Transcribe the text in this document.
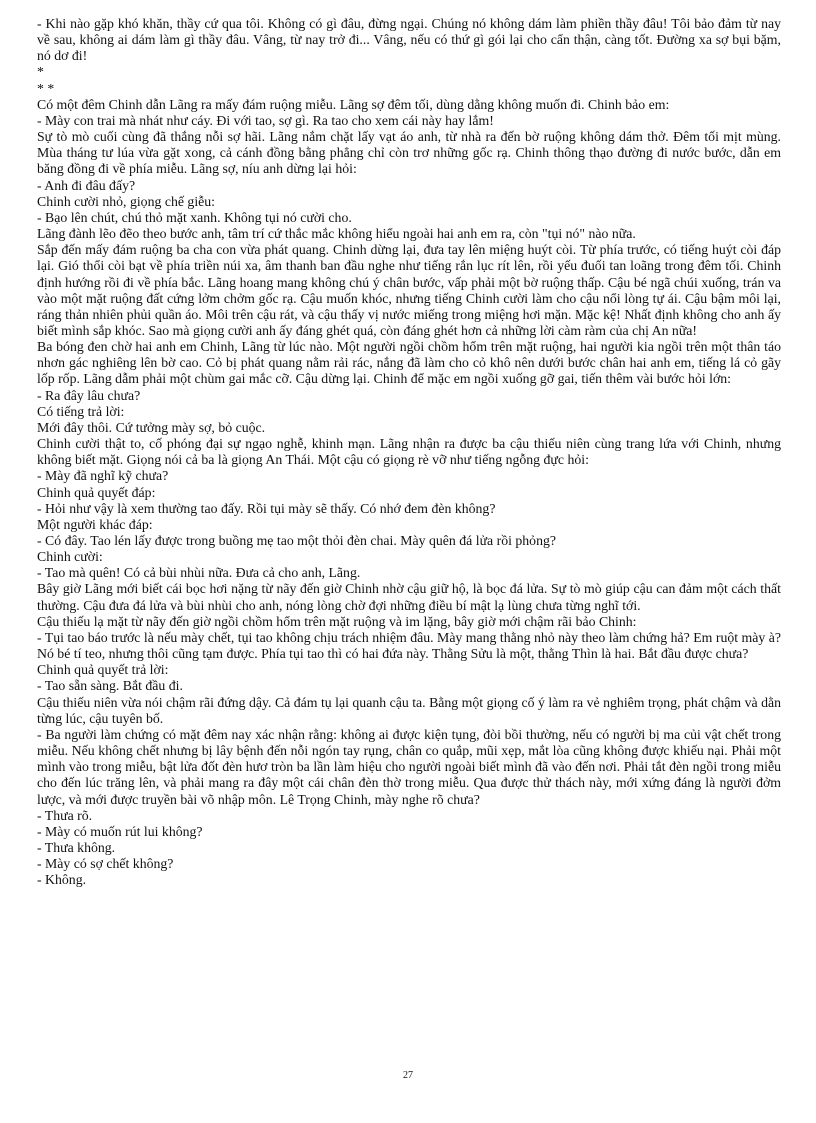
- Khi nào gặp khó khăn, thầy cứ qua tôi. Không có gì đâu, đừng ngại. Chúng nó không dám làm phiền thầy đâu! Tôi bảo đảm từ nay về sau, không ai dám làm gì thầy đâu. Vâng, từ nay trở đi... Vâng, nếu có thứ gì gói lại cho cẩn thận, càng tốt. Đường xa sợ bụi bặm, nó dơ đi!

*

* *

Có một đêm Chinh dẫn Lãng ra mấy đám ruộng miễu. Lãng sợ đêm tối, dùng dằng không muốn đi. Chinh bảo em:

- Mày con trai mà nhát như cáy. Đi với tao, sợ gì. Ra tao cho xem cái này hay lắm!

Sự tò mò cuối cùng đã thắng nỗi sợ hãi. Lãng nắm chặt lấy vạt áo anh, từ nhà ra đến bờ ruộng không dám thở. Đêm tối mịt mùng. Mùa tháng tư lúa vừa gặt xong, cả cánh đồng bằng phẳng chỉ còn trơ những gốc rạ. Chinh thông thạo đường đi nước bước, dẫn em băng đồng đi về phía miễu. Lãng sợ, níu anh dừng lại hỏi:

- Anh đi đâu đấy?

Chinh cười nhỏ, giọng chế giễu:

- Bạo lên chút, chú thỏ mặt xanh. Không tụi nó cười cho.

Lãng đành lẽo đẽo theo bước anh, tâm trí cứ thắc mắc không hiểu ngoài hai anh em ra, còn "tụi nó" nào nữa.

Sắp đến mấy đám ruộng ba cha con vừa phát quang. Chinh dừng lại, đưa tay lên miệng huýt còi. Từ phía trước, có tiếng huýt còi đáp lại. Gió thổi còi bạt về phía triền núi xa, âm thanh ban đầu nghe như tiếng rắn lục rít lên, rồi yếu đuối tan loãng trong đêm tối. Chinh định hướng rồi đi về phía bắc. Lãng hoang mang không chú ý chân bước, vấp phải một bờ ruộng thấp. Cậu bé ngã chúi xuống, trán va vào một mặt ruộng đất cứng lởm chởm gốc rạ. Cậu muốn khóc, nhưng tiếng Chinh cười làm cho cậu nổi lòng tự ái. Cậu bậm môi lại, ráng thản nhiên phủi quần áo. Môi trên cậu rát, và cậu thấy vị nước miếng trong miệng hơi mặn. Mặc kệ! Nhất định không cho anh ấy biết mình sắp khóc. Sao mà giọng cười anh ấy đáng ghét quá, còn đáng ghét hơn cả những lời càm ràm của chị An nữa!

Ba bóng đen chờ hai anh em Chinh, Lãng từ lúc nào. Một người ngồi chồm hổm trên mặt ruộng, hai người kia ngồi trên một thân táo nhơn gác nghiêng lên bờ cao. Cỏ bị phát quang nằm rải rác, nắng đã làm cho cỏ khô nên dưới bước chân hai anh em, tiếng lá cỏ gãy lốp rốp. Lãng dẫm phải một chùm gai mắc cỡ. Cậu dừng lại. Chinh để mặc em ngồi xuống gỡ gai, tiến thêm vài bước hỏi lớn:

- Ra đây lâu chưa?

Có tiếng trả lời:

Mới đây thôi. Cứ tưởng mày sợ, bỏ cuộc.

Chinh cười thật to, cố phóng đại sự ngạo nghễ, khinh mạn. Lãng nhận ra được ba cậu thiếu niên cùng trang lứa với Chinh, nhưng không biết mặt. Giọng nói cả ba là giọng An Thái. Một cậu có giọng rè vỡ như tiếng ngỗng đực hỏi:

- Mày đã nghĩ kỹ chưa?

Chinh quả quyết đáp:

- Hỏi như vậy là xem thường tao đấy. Rồi tụi mày sẽ thấy. Có nhớ đem đèn không?

Một người khác đáp:

- Có đây. Tao lén lấy được trong buồng mẹ tao một thỏi đèn chai. Mày quên đá lửa rồi phỏng?

Chinh cười:

- Tao mà quên! Có cả bùi nhùi nữa. Đưa cả cho anh, Lãng.

Bây giờ Lãng mới biết cái bọc hơi nặng từ nãy đến giờ Chinh nhờ cậu giữ hộ, là bọc đá lửa. Sự tò mò giúp cậu can đảm một cách thất thường. Cậu đưa đá lửa và bùi nhùi cho anh, nóng lòng chờ đợi những điều bí mật lạ lùng chưa từng nghĩ tới.

Cậu thiếu lạ mặt từ nãy đến giờ ngồi chồm hổm trên mặt ruộng và im lặng, bây giờ mới chậm rãi bảo Chinh:

- Tụi tao báo trước là nếu mày chết, tụi tao không chịu trách nhiệm đâu. Mày mang thằng nhỏ này theo làm chứng hả? Em ruột mày à? Nó bé tí teo, nhưng thôi cũng tạm được. Phía tụi tao thì có hai đứa này. Thằng Sửu là một, thằng Thìn là hai. Bắt đầu được chưa?

Chinh quả quyết trả lời:

- Tao sẵn sàng. Bắt đầu đi.

Cậu thiếu niên vừa nói chậm rãi đứng dậy. Cả đám tụ lại quanh cậu ta. Bằng một giọng cố ý làm ra vẻ nghiêm trọng, phát chậm và dằn từng lúc, cậu tuyên bố.

- Ba người làm chứng có mặt đêm nay xác nhận rằng: không ai được kiện tụng, đòi bồi thường, nếu có người bị ma củi vật chết trong miễu. Nếu không chết nhưng bị lây bệnh đến nỗi ngón tay rụng, chân co quắp, mũi xẹp, mắt lòa cũng không được khiếu nại. Phải một mình vào trong miễu, bật lửa đốt đèn hươ tròn ba lần làm hiệu cho người ngoài biết mình đã vào đến nơi. Phải tắt đèn ngồi trong miễu cho đến lúc trăng lên, và phải mang ra đây một cái chân đèn thờ trong miễu. Qua được thử thách này, mới xứng đáng là người đởm lược, và mới được truyền bài võ nhập môn. Lê Trọng Chinh, mày nghe rõ chưa?

- Thưa rõ.

- Mày có muốn rút lui không?

- Thưa không.

- Mày có sợ chết không?

- Không.

27
